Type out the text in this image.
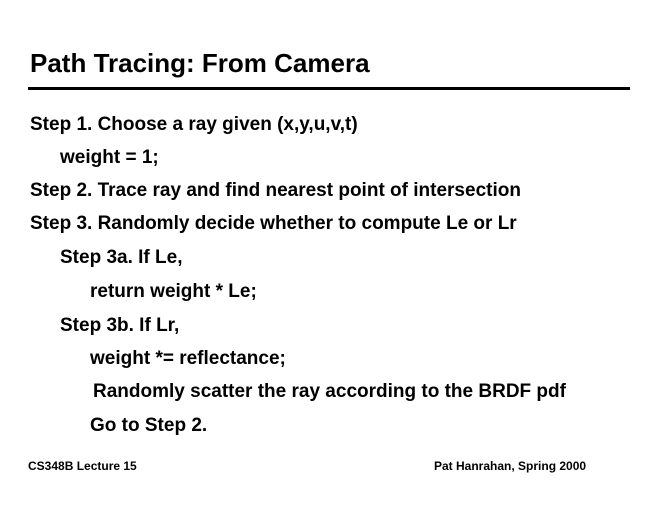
Path Tracing: From Camera
Step 1. Choose a ray given (x,y,u,v,t)
weight = 1;
Step 2. Trace ray and find nearest point of intersection
Step 3. Randomly decide whether to compute Le or Lr
Step 3a. If Le,
return weight * Le;
Step 3b. If Lr,
weight *= reflectance;
Randomly scatter the ray according to the BRDF pdf
Go to Step 2.
CS348B Lecture 15	Pat Hanrahan, Spring 2000
